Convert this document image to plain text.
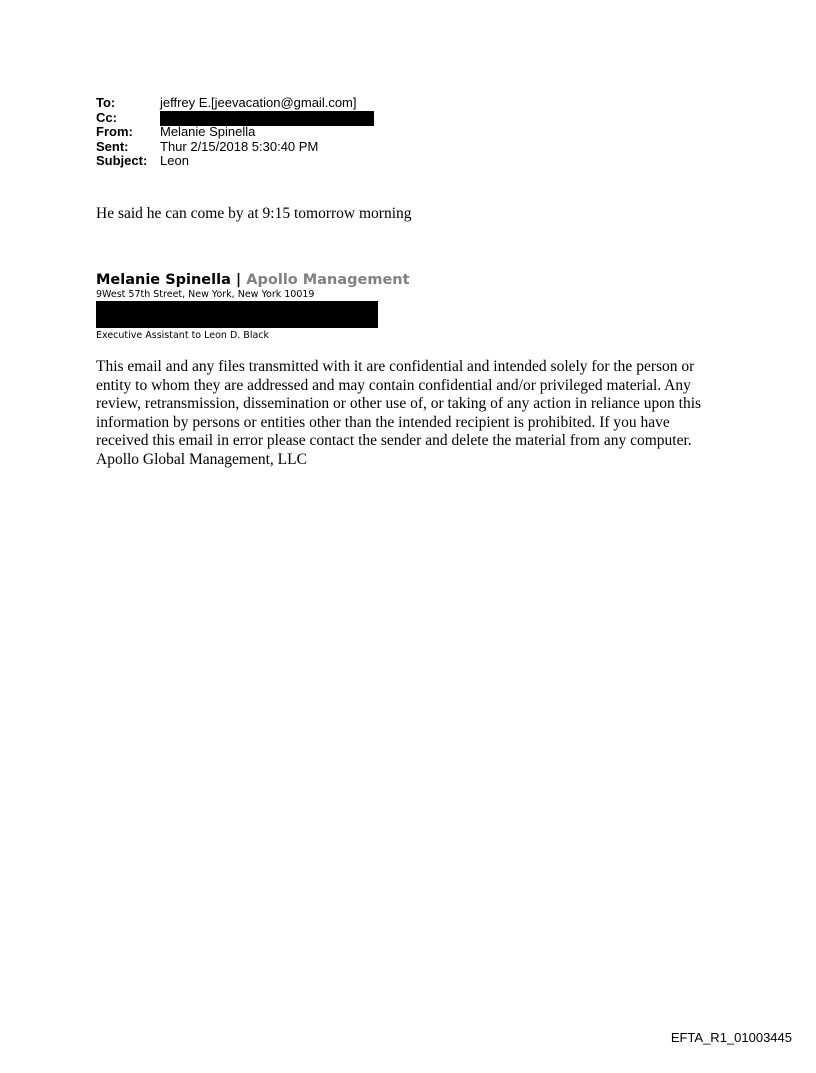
To:	jeffrey E.[jeevacation@gmail.com]
Cc:
From:	Melanie Spinella
Sent:	Thur 2/15/2018 5:30:40 PM
Subject: Leon
He said he can come by at 9:15 tomorrow morning
Melanie Spinella | Apollo Management
9West 57th Street, New York, New York 10019
Executive Assistant to Leon D. Black
This email and any files transmitted with it are confidential and intended solely for the person or
entity to whom they are addressed and may contain confidential and/or privileged material. Any
review, retransmission, dissemination or other use of, or taking of any action in reliance upon this
information by persons or entities other than the intended recipient is prohibited. If you have
received this email in error please contact the sender and delete the material from any computer.
Apollo Global Management, LLC
EFTA_R1_01003445
